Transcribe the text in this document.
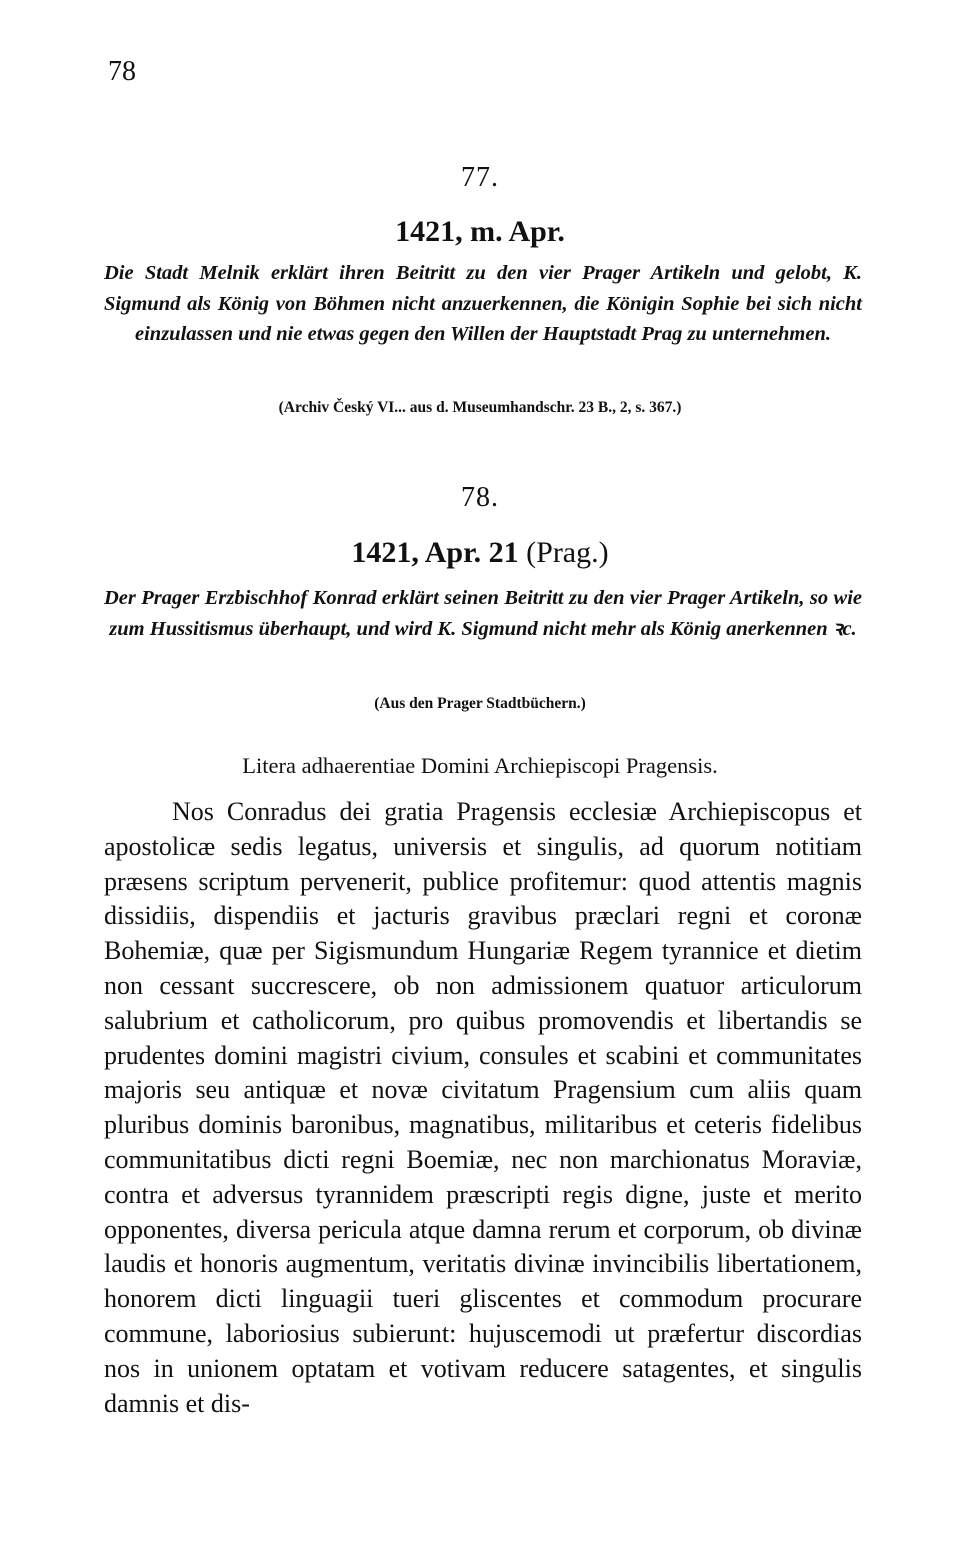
78
77.
1421, m. Apr.

Die Stadt Melnik erklärt ihren Beitritt zu den vier Prager Artikeln und gelobt, K. Sigmund als König von Böhmen nicht anzuerkennen, die Königin Sophie bei sich nicht einzulassen und nie etwas gegen den Willen der Hauptstadt Prag zu unternehmen.

(Archiv Český VI... aus d. Museumhandschr. 23 B., 2, s. 367.)
78.
1421, Apr. 21 (Prag.)

Der Prager Erzbischhof Konrad erklärt seinen Beitritt zu den vier Prager Artikeln, so wie zum Hussitismus überhaupt, und wird K. Sigmund nicht mehr als König anerkennen ꝛc.

(Aus den Prager Stadtbüchern.)
Litera adhaerentiae Domini Archiepiscopi Pragensis.

Nos Conradus dei gratia Pragensis ecclesiæ Archiepiscopus et apostolicæ sedis legatus, universis et singulis, ad quorum notitiam præsens scriptum pervenerit, publice profitemur: quod attentis magnis dissidiis, dispendiis et jacturis gravibus præclari regni et coronæ Bohemiæ, quæ per Sigismundum Hungariæ Regem tyrannice et dietim non cessant succrescere, ob non admissionem quatuor articulorum salubrium et catholicorum, pro quibus promovendis et libertandis se prudentes domini magistri civium, consules et scabini et communitates majoris seu antiquæ et novæ civitatum Pragensium cum aliis quam pluribus dominis baronibus, magnatibus, militaribus et ceteris fidelibus communitatibus dicti regni Boemiæ, nec non marchionatus Moraviæ, contra et adversus tyrannidem præscripti regis digne, juste et merito opponentes, diversa pericula atque damna rerum et corporum, ob divinæ laudis et honoris augmentum, veritatis divinæ invincibilis libertationem, honorem dicti linguagii tueri gliscentes et commodum procurare commune, laboriosius subierunt: hujuscemodi ut præfertur discordias nos in unionem optatam et votivam reducere satagentes, et singulis damnis et dis-
